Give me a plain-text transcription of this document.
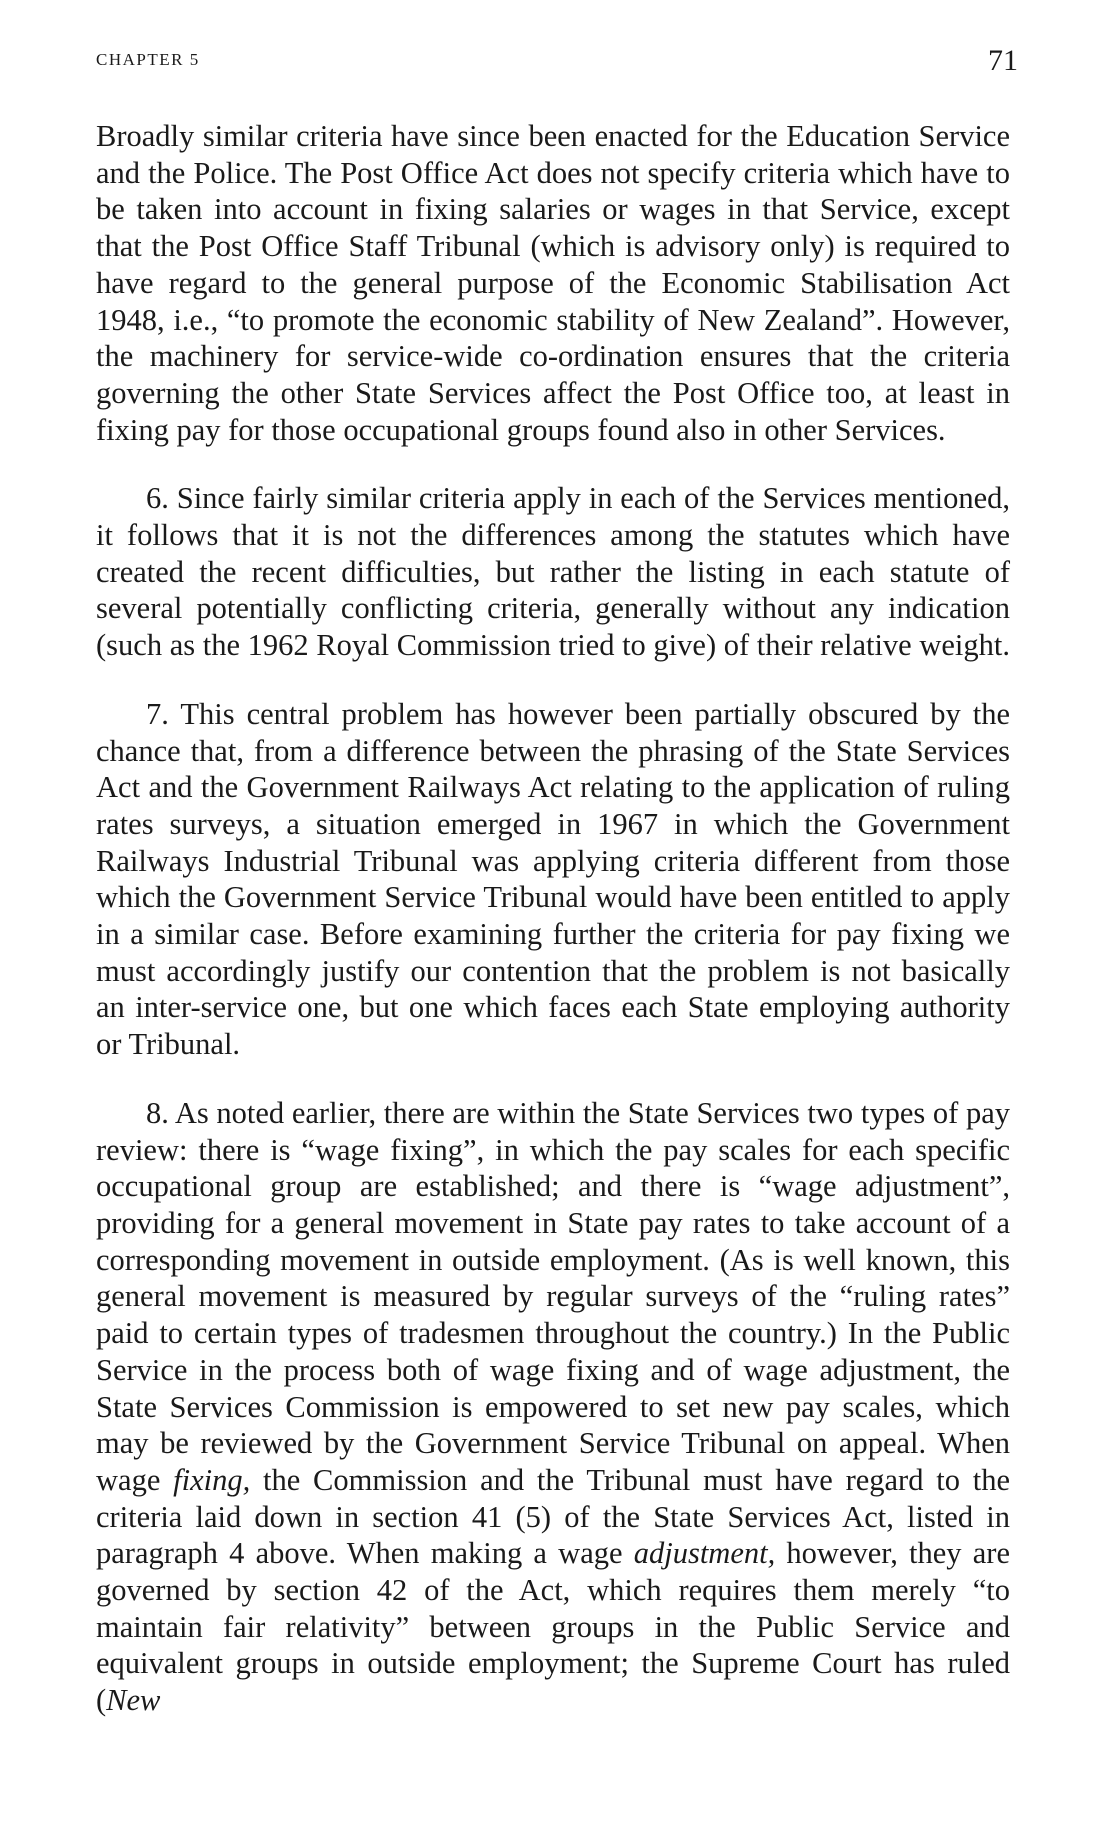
CHAPTER 5	71

Broadly similar criteria have since been enacted for the Education Service and the Police. The Post Office Act does not specify criteria which have to be taken into account in fixing salaries or wages in that Service, except that the Post Office Staff Tribunal (which is advisory only) is required to have regard to the general purpose of the Economic Stabilisation Act 1948, i.e., “to promote the economic stability of New Zealand”. However, the machinery for service-wide co-ordination ensures that the criteria governing the other State Services affect the Post Office too, at least in fixing pay for those occupational groups found also in other Services.

6. Since fairly similar criteria apply in each of the Services mentioned, it follows that it is not the differences among the statutes which have created the recent difficulties, but rather the listing in each statute of several potentially conflicting criteria, generally without any indication (such as the 1962 Royal Commission tried to give) of their relative weight.

7. This central problem has however been partially obscured by the chance that, from a difference between the phrasing of the State Services Act and the Government Railways Act relating to the application of ruling rates surveys, a situation emerged in 1967 in which the Government Railways Industrial Tribunal was applying criteria different from those which the Government Service Tribunal would have been entitled to apply in a similar case. Before examining further the criteria for pay fixing we must accordingly justify our contention that the problem is not basically an inter-service one, but one which faces each State employing authority or Tribunal.

8. As noted earlier, there are within the State Services two types of pay review: there is “wage fixing”, in which the pay scales for each specific occupational group are established; and there is “wage adjustment”, providing for a general movement in State pay rates to take account of a corresponding movement in outside employment. (As is well known, this general movement is measured by regular surveys of the “ruling rates” paid to certain types of tradesmen throughout the country.) In the Public Service in the process both of wage fixing and of wage adjustment, the State Services Commission is empowered to set new pay scales, which may be reviewed by the Government Service Tribunal on appeal. When wage fixing, the Commission and the Tribunal must have regard to the criteria laid down in section 41 (5) of the State Services Act, listed in paragraph 4 above. When making a wage adjustment, however, they are governed by section 42 of the Act, which requires them merely “to maintain fair relativity” between groups in the Public Service and equivalent groups in outside employment; the Supreme Court has ruled (New
